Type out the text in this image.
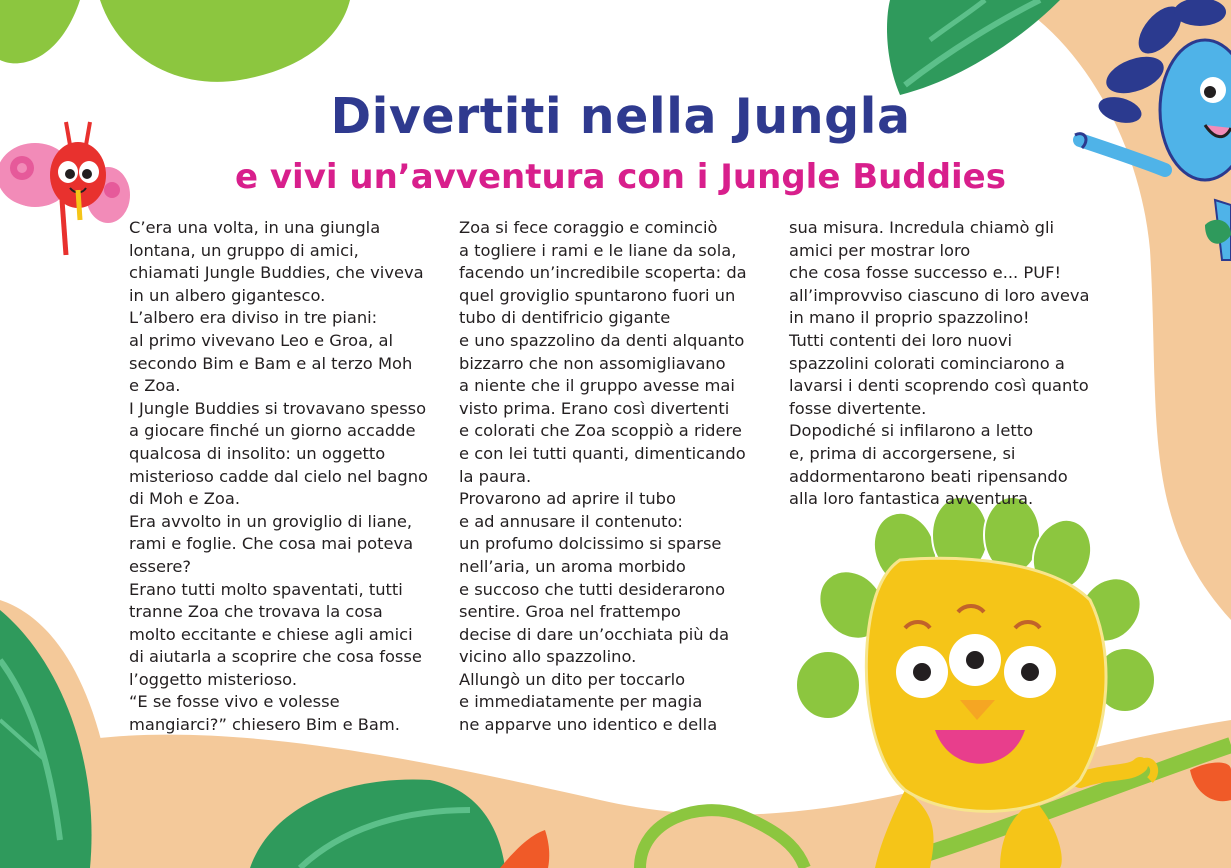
Divertiti nella Jungla
e vivi un’avventura con i Jungle Buddies

C’era una volta, in una giungla

lontana, un gruppo di amici,

chiamati Jungle Buddies, che viveva

in un albero gigantesco.

L’albero era diviso in tre piani:

al primo vivevano Leo e Groa, al

secondo Bim e Bam e al terzo Moh

e Zoa.

I Jungle Buddies si trovavano spesso

a giocare finché un giorno accadde

qualcosa di insolito: un oggetto

misterioso cadde dal cielo nel bagno

di Moh e Zoa.

Era avvolto in un groviglio di liane,

rami e foglie. Che cosa mai poteva

essere?

Erano tutti molto spaventati, tutti

tranne Zoa che trovava la cosa

molto eccitante e chiese agli amici

di aiutarla a scoprire che cosa fosse

l’oggetto misterioso.

“E se fosse vivo e volesse

mangiarci?” chiesero Bim e Bam.

Zoa si fece coraggio e cominciò

a togliere i rami e le liane da sola,

facendo un’incredibile scoperta: da

quel groviglio spuntarono fuori un

tubo di dentifricio gigante

e uno spazzolino da denti alquanto

bizzarro che non assomigliavano

a niente che il gruppo avesse mai

visto prima. Erano così divertenti

e colorati che Zoa scoppiò a ridere

e con lei tutti quanti, dimenticando

la paura.

Provarono ad aprire il tubo

e ad annusare il contenuto:

un profumo dolcissimo si sparse

nell’aria, un aroma morbido

e succoso che tutti desiderarono

sentire. Groa nel frattempo

decise di dare un’occhiata più da

vicino allo spazzolino.

Allungò un dito per toccarlo

e immediatamente per magia

ne apparve uno identico e della

sua misura. Incredula chiamò gli

amici per mostrar loro

che cosa fosse successo e... PUF!

all’improvviso ciascuno di loro aveva

in mano il proprio spazzolino!

Tutti contenti dei loro nuovi

spazzolini colorati cominciarono a

lavarsi i denti scoprendo così quanto

fosse divertente.

Dopodiché si infilarono a letto

e, prima di accorgersene, si

addormentarono beati ripensando

alla loro fantastica avventura.
